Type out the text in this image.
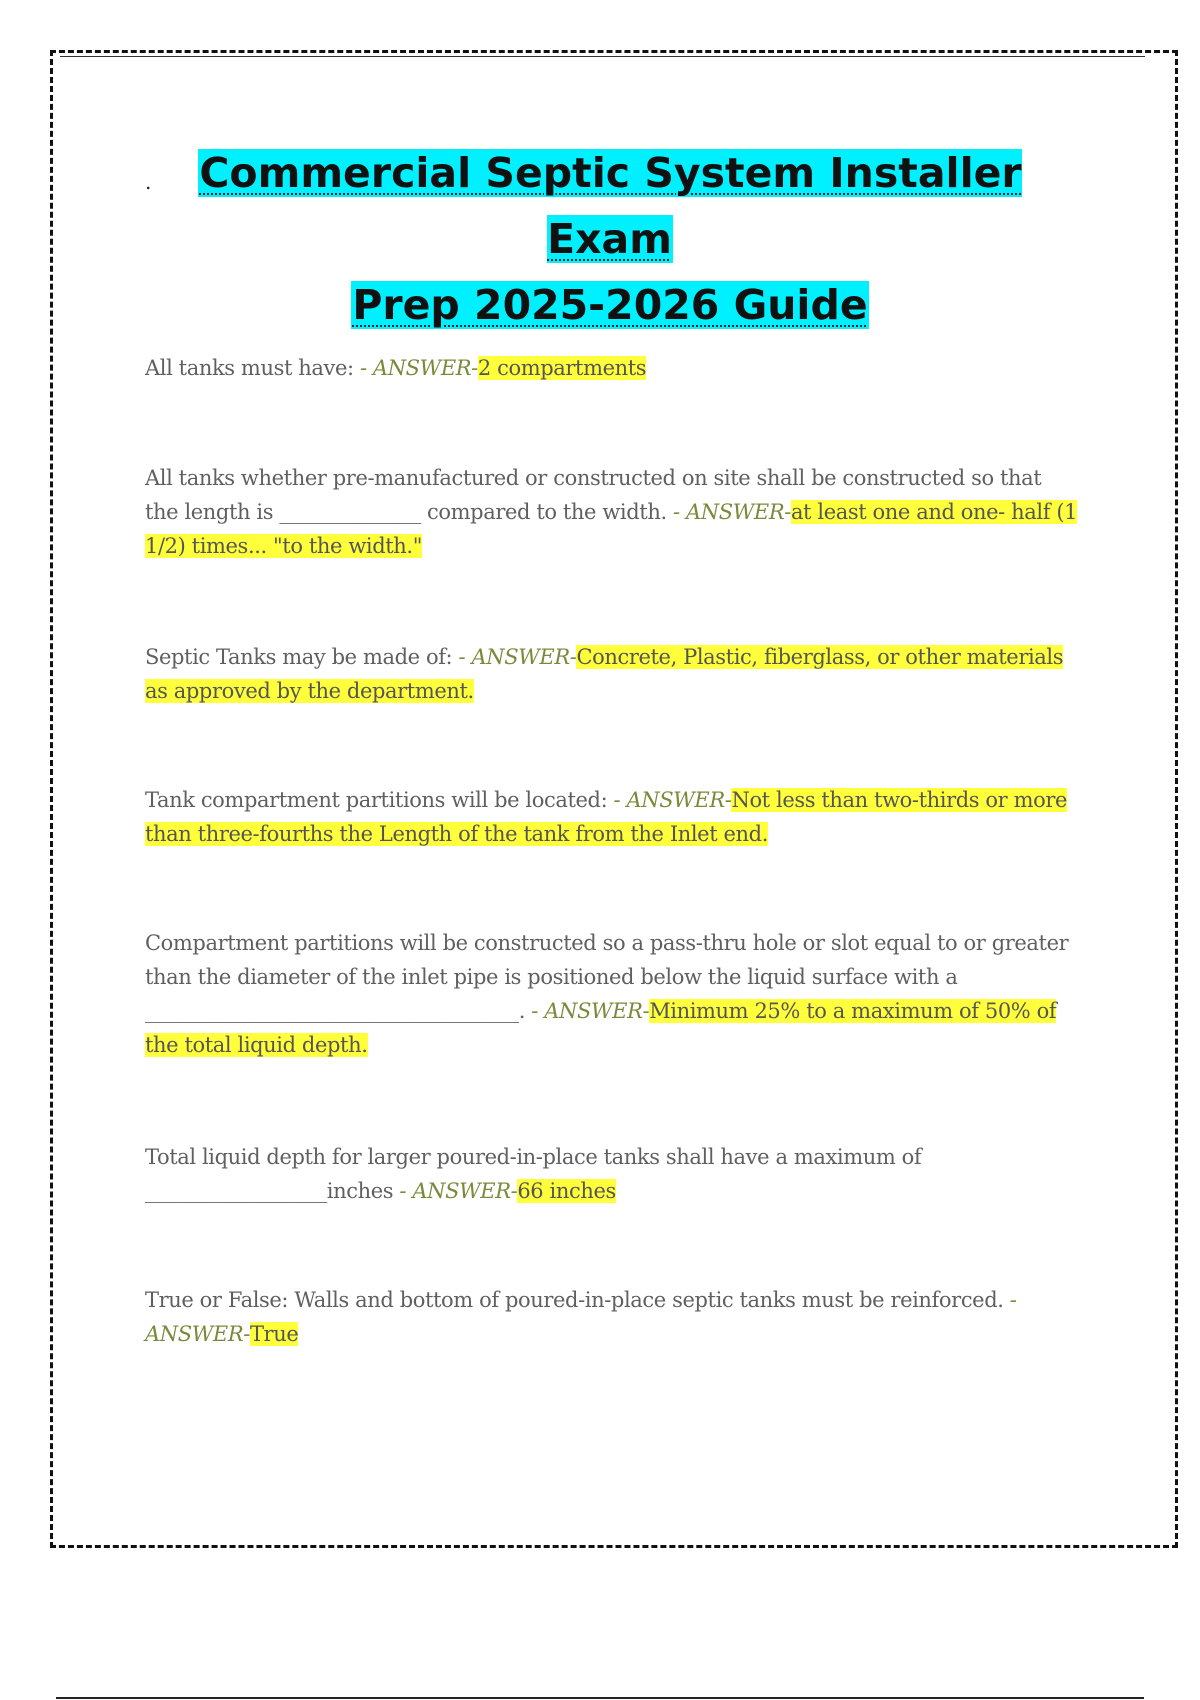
.	Commercial Septic System Installer Exam
Prep 2025-2026 Guide
All tanks must have: - ANSWER-2 compartments
All tanks whether pre-manufactured or constructed on site shall be constructed so that the length is ______________ compared to the width. - ANSWER-at least one and one- half (1 1/2) times... "to the width."
Septic Tanks may be made of: - ANSWER-Concrete, Plastic, fiberglass, or other materials as approved by the department.
Tank compartment partitions will be located: - ANSWER-Not less than two-thirds or more than three-fourths the Length of the tank from the Inlet end.
Compartment partitions will be constructed so a pass-thru hole or slot equal to or greater than the diameter of the inlet pipe is positioned below the liquid surface with a _____________________________________. - ANSWER-Minimum 25% to a maximum of 50% of the total liquid depth.
Total liquid depth for larger poured-in-place tanks shall have a maximum of __________________inches - ANSWER-66 inches
True or False: Walls and bottom of poured-in-place septic tanks must be reinforced. - ANSWER-True
